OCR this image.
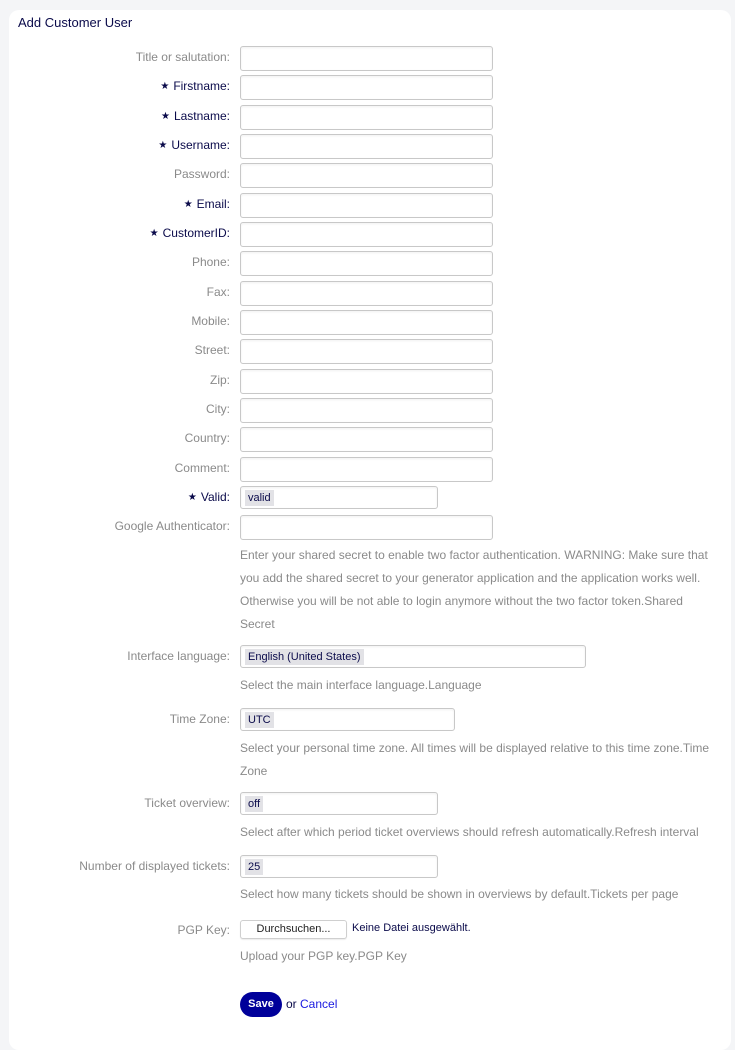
Add Customer User
Title or salutation:
★ Firstname:
★ Lastname:
★ Username:
Password:
★ Email:
★ CustomerID:
Phone:
Fax:
Mobile:
Street:
Zip:
City:
Country:
Comment:
★ Valid: valid
Google Authenticator:
Enter your shared secret to enable two factor authentication. WARNING: Make sure that you add the shared secret to your generator application and the application works well. Otherwise you will be not able to login anymore without the two factor token.Shared Secret
Interface language: English (United States)
Select the main interface language.Language
Time Zone: UTC
Select your personal time zone. All times will be displayed relative to this time zone.Time Zone
Ticket overview: off
Select after which period ticket overviews should refresh automatically.Refresh interval
Number of displayed tickets: 25
Select how many tickets should be shown in overviews by default.Tickets per page
PGP Key:	Durchsuchen...	Keine Datei ausgewählt.
Upload your PGP key.PGP Key
Save	or Cancel
